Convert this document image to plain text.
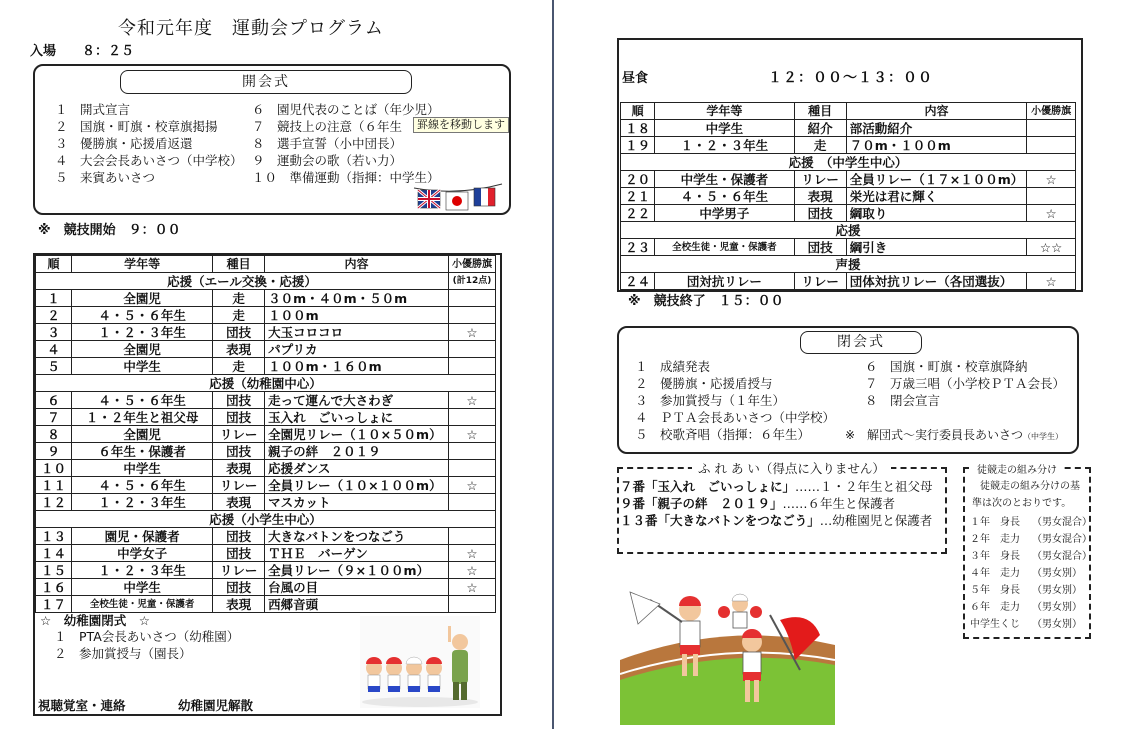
令和元年度　運動会プログラム
入場　　８：２５
開会式
１　開式宣言
２　国旗・町旗・校章旗掲揚
３　優勝旗・応援盾返還
４　大会会長あいさつ（中学校）
５　来賓あいさつ
６　園児代表のことば（年少児）
７　競技上の注意（６年生
８　選手宣誓（小中団長）
９　運動会の歌（若い力）
１０　準備運動（指揮：中学生）
罫線を移動します
※　競技開始　９：００
順	学年等	種目	内容	小優勝旗
応援（エール交換・応援）				(計12点)
１	全園児	走	３０m・４０m・５０m	
２	４・５・６年生	走	１００m	
３	１・２・３年生	団技	大玉コロコロ	☆
４	全園児	表現	パプリカ	
５	中学生	走	１００m・１６０m	
応援（幼稚園中心）				
６	４・５・６年生	団技	走って運んで大さわぎ	☆
７	１・２年生と祖父母	団技	玉入れ　ごいっしょに	
８	全園児	リレー	全園児リレー（１０×５０m）	☆
９	６年生・保護者	団技	親子の絆　２０１９	
１０	中学生	表現	応援ダンス	
１１	４・５・６年生	リレー	全員リレー（１０×１００m）	☆
１２	１・２・３年生	表現	マスカット	
応援（小学生中心）				
１３	園児・保護者	団技	大きなバトンをつなごう	
１４	中学女子	団技	ＴＨＥ　バーゲン	☆
１５	１・２・３年生	リレー	全員リレー（９×１００m）	☆
１６	中学生	団技	台風の目	☆
１７	全校生徒・児童・保護者	表現	西郷音頭	
☆　幼稚園閉式　☆
１　PTA会長あいさつ（幼稚園）
２　参加賞授与（園長）
視聴覚室・連絡	幼稚園児解散
昼食	１２：００〜１３：００
順	学年等	種目	内容	小優勝旗
１８	中学生	紹介	部活動紹介	
１９	１・２・３年生	走	７０m・１００m	
応援　（中学生中心）				
２０	中学生・保護者	リレー	全員リレー（１７×１００m）	☆
２１	４・５・６年生	表現	栄光は君に輝く	
２２	中学男子	団技	綱取り	☆
応援				
２３	全校生徒・児童・保護者	団技	綱引き	☆☆
声援				
２４	団対抗リレー	リレー	団体対抗リレー（各団選抜）	☆
※　競技終了　１５：００
閉会式
１　成績発表
２　優勝旗・応援盾授与
３　参加賞授与（１年生）
４　ＰＴＡ会長あいさつ（中学校）
５　校歌斉唱（指揮：６年生）
６　国旗・町旗・校章旗降納
７　万歳三唱（小学校ＰＴＡ会長）
８　閉会宣言
※　解団式〜実行委員長あいさつ（中学生）
ふ れ あ い（得点に入りません）
７番「玉入れ　ごいっしょに」……１・２年生と祖父母
９番「親子の絆　２０１９」……６年生と保護者
１３番「大きなバトンをつなごう」…幼稚園児と保護者
徒競走の組み分け
徒競走の組み分けの基
準は次のとおりです。
１年	身長	（男女混合）
２年	走力	（男女混合）
３年	身長	（男女混合）
４年	走力	（男女別）
５年	身長	（男女別）
６年	走力	（男女別）
中学生 くじ	（男女別）
